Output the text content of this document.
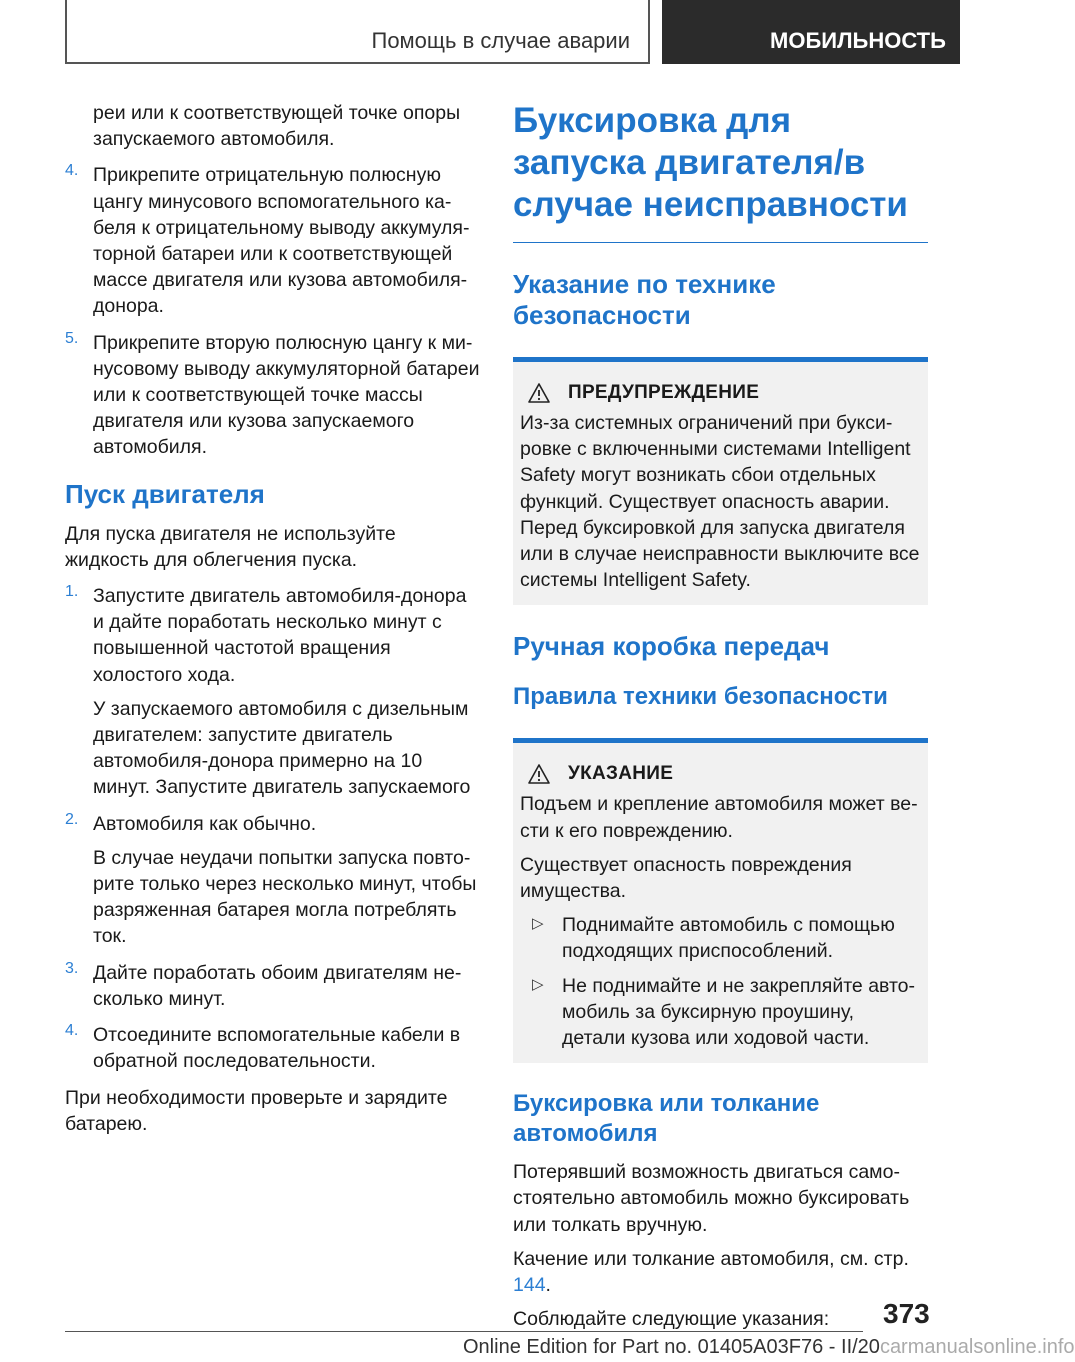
Помощь в случае аварии	МОБИЛЬНОСТЬ

реи или к соответствующей точке опоры запускаемого автомобиля.

4. Прикрепите отрицательную полюсную цангу минусового вспомогательного кабеля к отрицательному выводу аккумуляторной батареи или к соответствующей массе двигателя или кузова автомобиля-донора.

5. Прикрепите вторую полюсную цангу к минусовому выводу аккумуляторной батареи или к соответствующей точке массы двигателя или кузова запускаемого автомобиля.

Пуск двигателя

Для пуска двигателя не используйте жидкость для облегчения пуска.

1. Запустите двигатель автомобиля-донора и дайте поработать несколько минут с повышенной частотой вращения холостого хода.

У запускаемого автомобиля с дизельным двигателем: запустите двигатель автомобиля-донора примерно на 10 минут. Запустите двигатель запускаемого

2. Автомобиля как обычно.

В случае неудачи попытки запуска повторите только через несколько минут, чтобы разряженная батарея могла потреблять ток.

3. Дайте поработать обоим двигателям несколько минут.

4. Отсоедините вспомогательные кабели в обратной последовательности.

При необходимости проверьте и зарядите батарею.

Буксировка для запуска двигателя/в случае неисправности
Указание по технике безопасности
ПРЕДУПРЕЖДЕНИЕ

Из-за системных ограничений при буксировке с включенными системами Intelligent Safety могут возникать сбои отдельных функций. Существует опасность аварии. Перед буксировкой для запуска двигателя или в случае неисправности выключите все системы Intelligent Safety.

Ручная коробка передач
Правила техники безопасности
УКАЗАНИЕ

Подъем и крепление автомобиля может вести к его повреждению.

Существует опасность повреждения имущества.

▷ Поднимайте автомобиль с помощью подходящих приспособлений.

▷ Не поднимайте и не закрепляйте автомобиль за буксирную проушину, детали кузова или ходовой части.

Буксировка или толкание автомобиля

Потерявший возможность двигаться самостоятельно автомобиль можно буксировать или толкать вручную.

Качение или толкание автомобиля, см. стр. 144.

Соблюдайте следующие указания:	373
Online Edition for Part no. 01405A03F76 - II/20carmanualsonline.info
